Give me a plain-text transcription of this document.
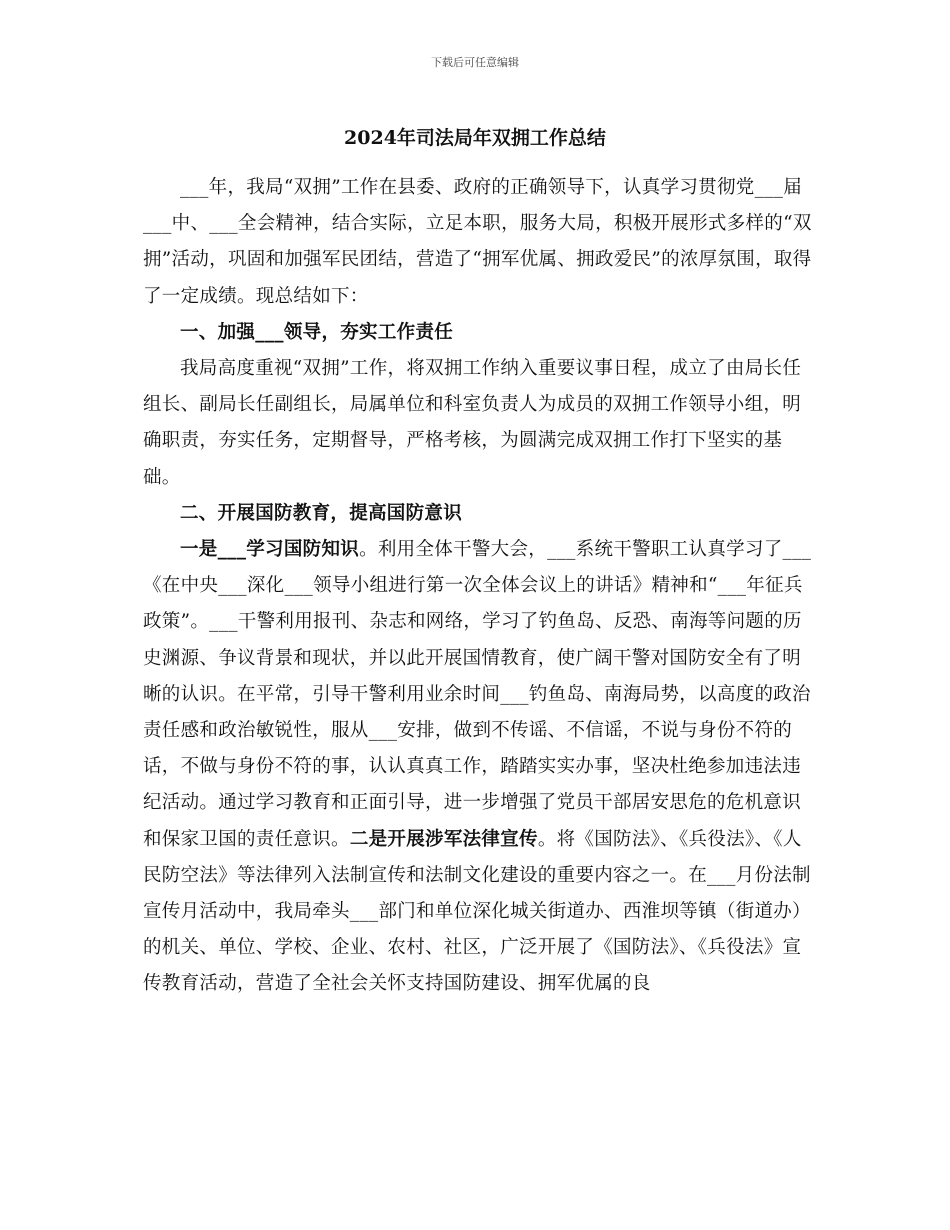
下载后可任意编辑
2024年司法局年双拥工作总结

___年，我局“双拥”工作在县委、政府的正确领导下，认真学习贯彻党___届___中、___全会精神，结合实际，立足本职，服务大局，积极开展形式多样的“双拥”活动，巩固和加强军民团结，营造了“拥军优属、拥政爱民”的浓厚氛围，取得了一定成绩。现总结如下：

一、加强___领导，夯实工作责任

我局高度重视“双拥”工作，将双拥工作纳入重要议事日程，成立了由局长任组长、副局长任副组长，局属单位和科室负责人为成员的双拥工作领导小组，明确职责，夯实任务，定期督导，严格考核，为圆满完成双拥工作打下坚实的基础。

二、开展国防教育，提高国防意识

一是___学习国防知识。利用全体干警大会，___系统干警职工认真学习了___《在中央___深化___领导小组进行第一次全体会议上的讲话》精神和“___年征兵政策”。___干警利用报刊、杂志和网络，学习了钓鱼岛、反恐、南海等问题的历史渊源、争议背景和现状，并以此开展国情教育，使广阔干警对国防安全有了明晰的认识。在平常，引导干警利用业余时间___钓鱼岛、南海局势，以高度的政治责任感和政治敏锐性，服从___安排，做到不传谣、不信谣，不说与身份不符的话，不做与身份不符的事，认认真真工作，踏踏实实办事，坚决杜绝参加违法违纪活动。通过学习教育和正面引导，进一步增强了党员干部居安思危的危机意识和保家卫国的责任意识。二是开展涉军法律宣传。将《国防法》、《兵役法》、《人民防空法》等法律列入法制宣传和法制文化建设的重要内容之一。在___月份法制宣传月活动中，我局牵头___部门和单位深化城关街道办、西淮坝等镇（街道办）的机关、单位、学校、企业、农村、社区，广泛开展了《国防法》、《兵役法》宣传教育活动，营造了全社会关怀支持国防建设、拥军优属的良
